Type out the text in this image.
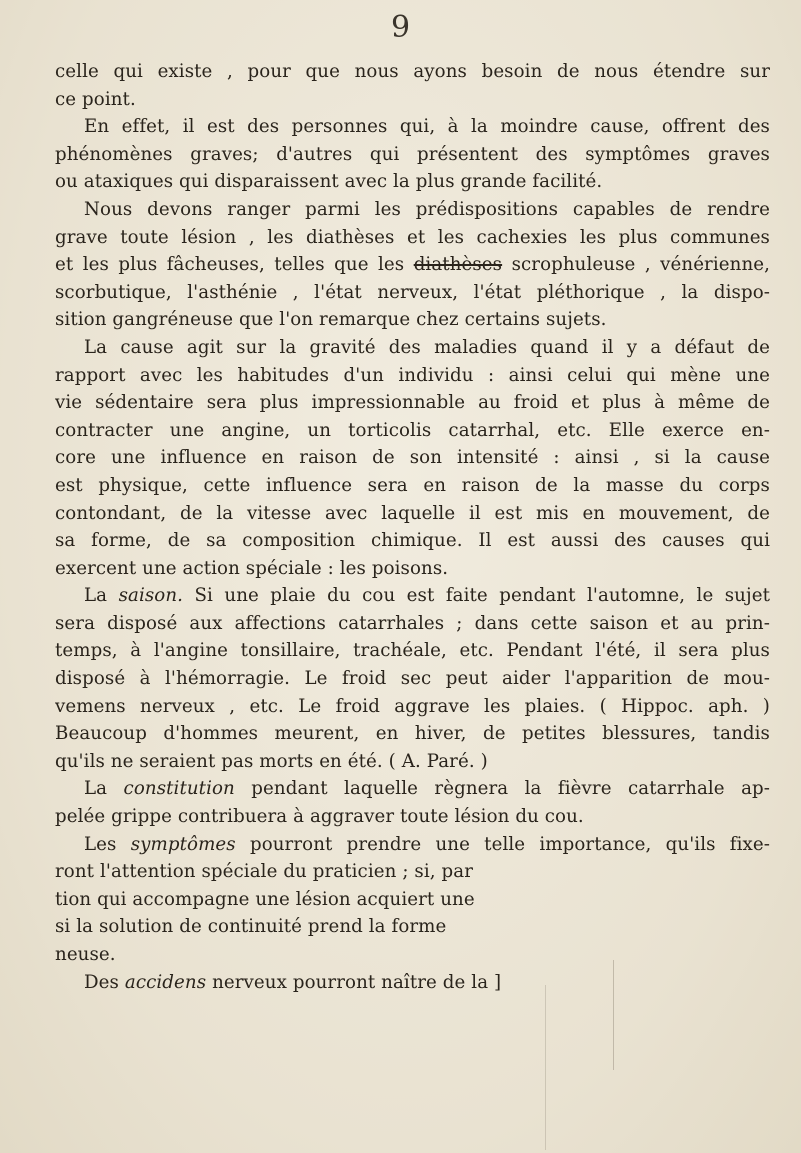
9
celle qui existe , pour que nous ayons besoin de nous étendre sur
ce point.
En effet, il est des personnes qui, à la moindre cause, offrent des
phénomènes graves; d'autres qui présentent des symptômes graves
ou ataxiques qui disparaissent avec la plus grande facilité.
Nous devons ranger parmi les prédispositions capables de rendre
grave toute lésion , les diathèses et les cachexies les plus communes
et les plus fâcheuses, telles que les diathèses scrophuleuse , vénérienne,
scorbutique, l'asthénie , l'état nerveux, l'état pléthorique , la dispo-
sition gangréneuse que l'on remarque chez certains sujets.
La cause agit sur la gravité des maladies quand il y a défaut de
rapport avec les habitudes d'un individu : ainsi celui qui mène une
vie sédentaire sera plus impressionnable au froid et plus à même de
contracter une angine, un torticolis catarrhal, etc. Elle exerce en-
core une influence en raison de son intensité : ainsi , si la cause
est physique, cette influence sera en raison de la masse du corps
contondant, de la vitesse avec laquelle il est mis en mouvement, de
sa forme, de sa composition chimique. Il est aussi des causes qui
exercent une action spéciale : les poisons.
La saison. Si une plaie du cou est faite pendant l'automne, le sujet
sera disposé aux affections catarrhales ; dans cette saison et au prin-
temps, à l'angine tonsillaire, trachéale, etc. Pendant l'été, il sera plus
disposé à l'hémorragie. Le froid sec peut aider l'apparition de mou-
vemens nerveux , etc. Le froid aggrave les plaies. ( Hippoc. aph. )
Beaucoup d'hommes meurent, en hiver, de petites blessures, tandis
qu'ils ne seraient pas morts en été. ( A. Paré. )
La constitution pendant laquelle règnera la fièvre catarrhale ap-
pelée grippe contribuera à aggraver toute lésion du cou.
Les symptômes pourront prendre une telle importance, qu'ils fixe-
ront l'attention spéciale du praticien ; si, par
tion qui accompagne une lésion acquiert une
si la solution de continuité prend la forme
neuse.
Des accidens nerveux pourront naître de la ]
